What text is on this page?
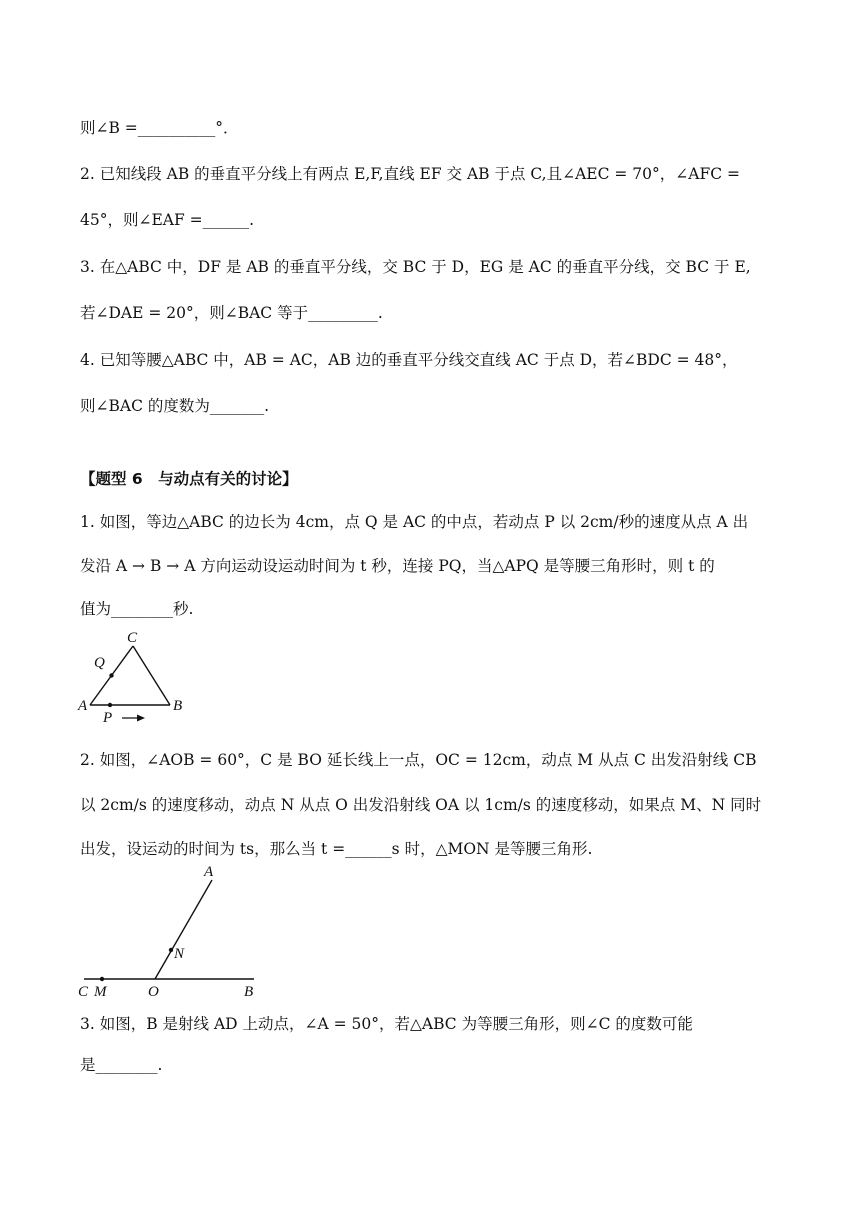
则∠B =__________°．
2. 已知线段 AB 的垂直平分线上有两点 E,F,直线 EF 交 AB 于点 C,且∠AEC = 70°，∠AFC =
45°，则∠EAF =______.
3. 在△ABC 中，DF 是 AB 的垂直平分线，交 BC 于 D，EG 是 AC 的垂直平分线，交 BC 于 E,
若∠DAE = 20°，则∠BAC 等于_________.
4. 已知等腰△ABC 中，AB = AC，AB 边的垂直平分线交直线 AC 于点 D，若∠BDC = 48°，
则∠BAC 的度数为_______.
【题型 6　与动点有关的讨论】
1. 如图，等边△ABC 的边长为 4cm，点 Q 是 AC 的中点，若动点 P 以 2cm/秒的速度从点 A 出
发沿 A → B → A 方向运动设运动时间为 t 秒，连接 PQ，当△APQ 是等腰三角形时，则 t 的
值为________秒.
C
Q
A	B
P
2. 如图，∠AOB = 60°，C 是 BO 延长线上一点，OC = 12cm，动点 M 从点 C 出发沿射线 CB
以 2cm/s 的速度移动，动点 N 从点 O 出发沿射线 OA 以 1cm/s 的速度移动，如果点 M、N 同时
出发，设运动的时间为 ts，那么当 t =______s 时，△MON 是等腰三角形.
A
N
C M	O	B
3. 如图，B 是射线 AD 上动点，∠A = 50°，若△ABC 为等腰三角形，则∠C 的度数可能
是________.
